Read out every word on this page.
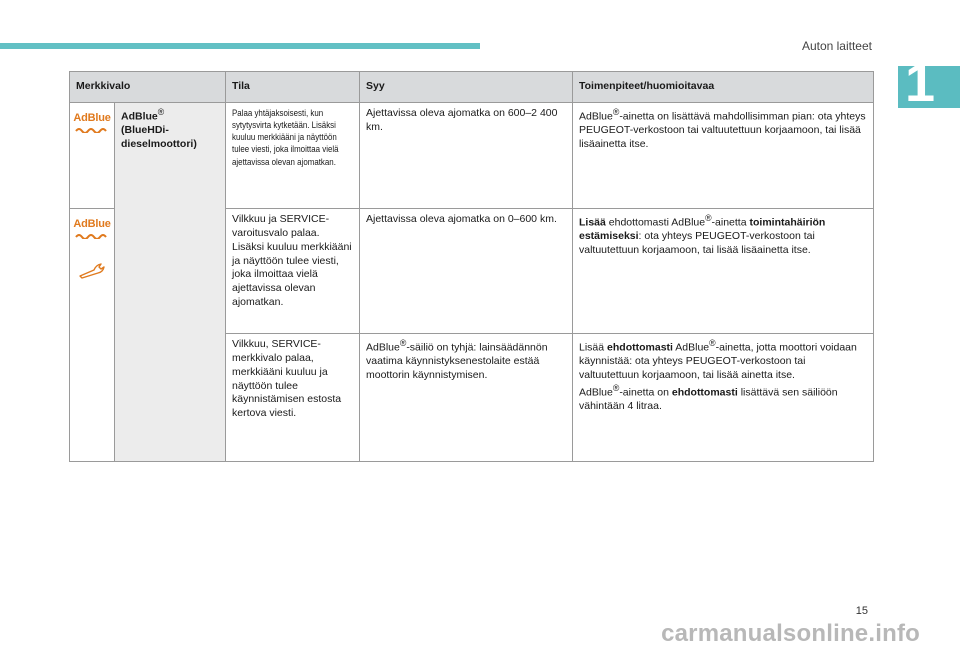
Auton laitteet
1
Merkkivalo		Tila	Syy	Toimenpiteet/huomioitavaa
AdBlue	AdBlue®
(BlueHDi-
dieselmoottori)	Palaa yhtäjaksoisesti, kun sytytysvirta kytketään. Lisäksi kuuluu merkkiääni ja näyttöön tulee viesti, joka ilmoittaa vielä ajettavissa olevan ajomatkan.	Ajettavissa oleva ajomatka on 600–2 400 km.	AdBlue®-ainetta on lisättävä mahdollisimman pian: ota yhteys PEUGEOT-verkostoon tai valtuutettuun korjaamoon, tai lisää lisäainetta itse.
AdBlue		Vilkkuu ja SERVICE-varoitusvalo palaa. Lisäksi kuuluu merkkiääni ja näyttöön tulee viesti, joka ilmoittaa vielä ajettavissa olevan ajomatkan.	Ajettavissa oleva ajomatka on 0–600 km.	Lisää ehdottomasti AdBlue®-ainetta toimintahäiriön estämiseksi: ota yhteys PEUGEOT-verkostoon tai valtuutettuun korjaamoon, tai lisää lisäainetta itse.
		Vilkkuu, SERVICE-merkkivalo palaa, merkkiääni kuuluu ja näyttöön tulee käynnistämisen estosta kertova viesti.	AdBlue®-säiliö on tyhjä: lainsäädännön vaatima käynnistyksenestolaite estää moottorin käynnistymisen.	Lisää ehdottomasti AdBlue®-ainetta, jotta moottori voidaan käynnistää: ota yhteys PEUGEOT-verkostoon tai valtuutettuun korjaamoon, tai lisää ainetta itse.
AdBlue®-ainetta on ehdottomasti lisättävä sen säiliöön vähintään 4 litraa.
15
carmanualsonline.info
